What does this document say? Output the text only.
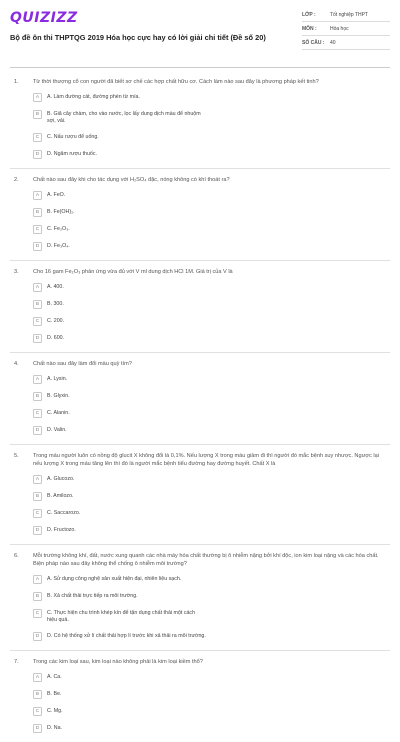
QUIZIZZ
Bộ đề ôn thi THPTQG 2019 Hóa học cực hay có lời giải chi tiết (Đề số 20)
LỚP :	Tốt nghiệp THPT
MÔN :	Hóa học
SỐ CÂU :	40
1.	Từ thời thượng cổ con người đã biết sơ chế các hợp chất hữu cơ. Cách làm nào sau đây là phương pháp kết tinh?
A	A. Làm đường cát, đường phèn từ mía.
B	B. Giã cây chàm, cho vào nước, lọc lấy dung dịch màu để nhuộm sợi, vải.
C	C. Nấu rượu để uống.
D	D. Ngâm rượu thuốc.
2.	Chất nào sau đây khi cho tác dụng với H₂SO₄ đặc, nóng không có khí thoát ra?
A	A. FeO.
B	B. Fe(OH)₂.
C	C. Fe₂O₃.
D	D. Fe₃O₄.
3.	Cho 16 gam Fe₂O₃ phản ứng vừa đủ với V ml dung dịch HCl 1M. Giá trị của V là
A	A. 400.
B	B. 300.
C	C. 200.
D	D. 600.
4.	Chất nào sau đây làm đổi màu quỳ tím?
A	A. Lysin.
B	B. Glyxin.
C	C. Alanin.
D	D. Valin.
5.	Trong máu người luôn có nồng độ glucit X không đổi là 0,1%. Nếu lượng X trong máu giảm đi thì người đó mắc bệnh suy nhược. Ngược lại nếu lượng X trong máu tăng lên thì đó là người mắc bệnh tiểu đường hay đường huyết. Chất X là
A	A. Glucozo.
B	B. Amilozo.
C	C. Saccarozo.
D	D. Fructozo.
6.	Mỗi trường không khí, đất, nước xung quanh các nhà máy hóa chất thường bị ô nhiễm nặng bởi khí độc, ion kim loại nặng và các hóa chất. Biện pháp nào sau đây không thể chống ô nhiễm môi trường?
A	A. Sử dụng công nghệ sản xuất hiện đại, nhiên liệu sạch.
B	B. Xả chất thải trực tiếp ra môi trường.
C	C. Thực hiện chu trình khép kín để tận dụng chất thải một cách hiệu quả.
D	D. Có hệ thống xử lí chất thải hợp lí trước khi xả thải ra môi trường.
7.	Trong các kim loại sau, kim loại nào không phải là kim loại kiềm thổ?
A	A. Ca.
B	B. Be.
C	C. Mg.
D	D. Na.
